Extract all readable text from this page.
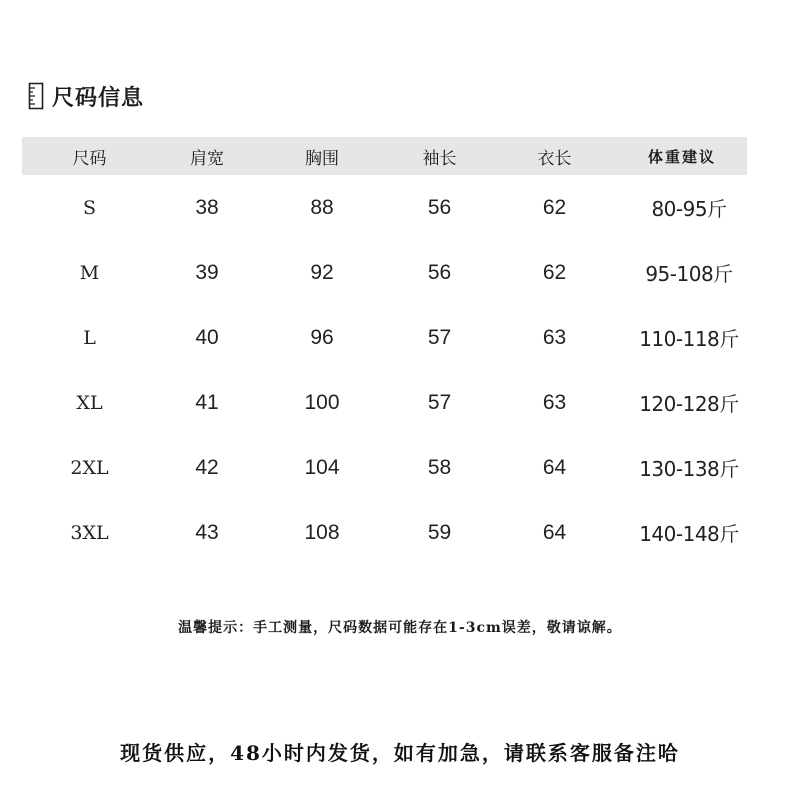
尺码信息
尺码	肩宽	胸围	袖长	衣长	体重建议
S	38	88	56	62	80-95斤
M	39	92	56	62	95-108斤
L	40	96	57	63	110-118斤
XL	41	100	57	63	120-128斤
2XL	42	104	58	64	130-138斤
3XL	43	108	59	64	140-148斤
温馨提示：手工测量，尺码数据可能存在1-3cm误差，敬请谅解。
现货供应，48小时内发货，如有加急，请联系客服备注哈
